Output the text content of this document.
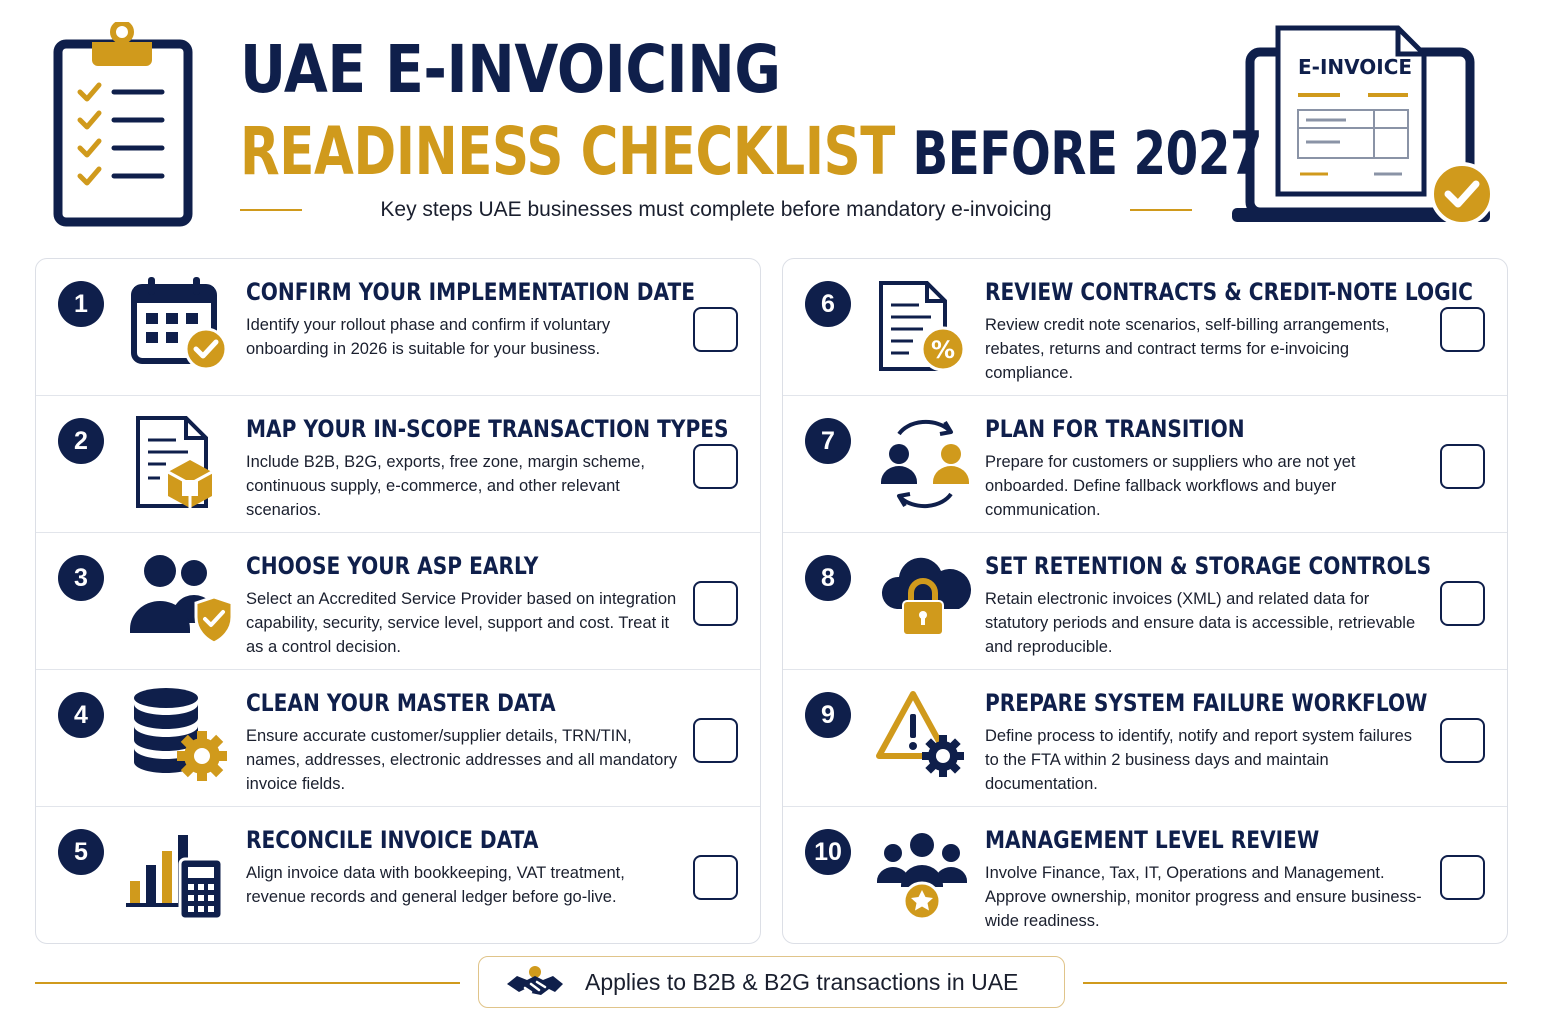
UAE E-INVOICING
READINESS CHECKLIST BEFORE 2027
Key steps UAE businesses must complete before mandatory e-invoicing
E-INVOICE
1	CONFIRM YOUR IMPLEMENTATION DATE
Identify your rollout phase and confirm if voluntary onboarding in 2026 is suitable for your business.
2	MAP YOUR IN-SCOPE TRANSACTION TYPES
Include B2B, B2G, exports, free zone, margin scheme, continuous supply, e-commerce, and other relevant scenarios.
3	CHOOSE YOUR ASP EARLY
Select an Accredited Service Provider based on integration capability, security, service level, support and cost. Treat it as a control decision.
4	CLEAN YOUR MASTER DATA
Ensure accurate customer/supplier details, TRN/TIN, names, addresses, electronic addresses and all mandatory invoice fields.
5	RECONCILE INVOICE DATA
Align invoice data with bookkeeping, VAT treatment, revenue records and general ledger before go-live.
6
%
REVIEW CONTRACTS & CREDIT-NOTE LOGIC
Review credit note scenarios, self-billing arrangements, rebates, returns and contract terms for e-invoicing compliance.
7	PLAN FOR TRANSITION
Prepare for customers or suppliers who are not yet onboarded. Define fallback workflows and buyer communication.
8	SET RETENTION & STORAGE CONTROLS
Retain electronic invoices (XML) and related data for statutory periods and ensure data is accessible, retrievable and reproducible.
9	PREPARE SYSTEM FAILURE WORKFLOW
Define process to identify, notify and report system failures to the FTA within 2 business days and maintain documentation.
10	MANAGEMENT LEVEL REVIEW
Involve Finance, Tax, IT, Operations and Management. Approve ownership, monitor progress and ensure business-wide readiness.
Applies to B2B & B2G transactions in UAE
